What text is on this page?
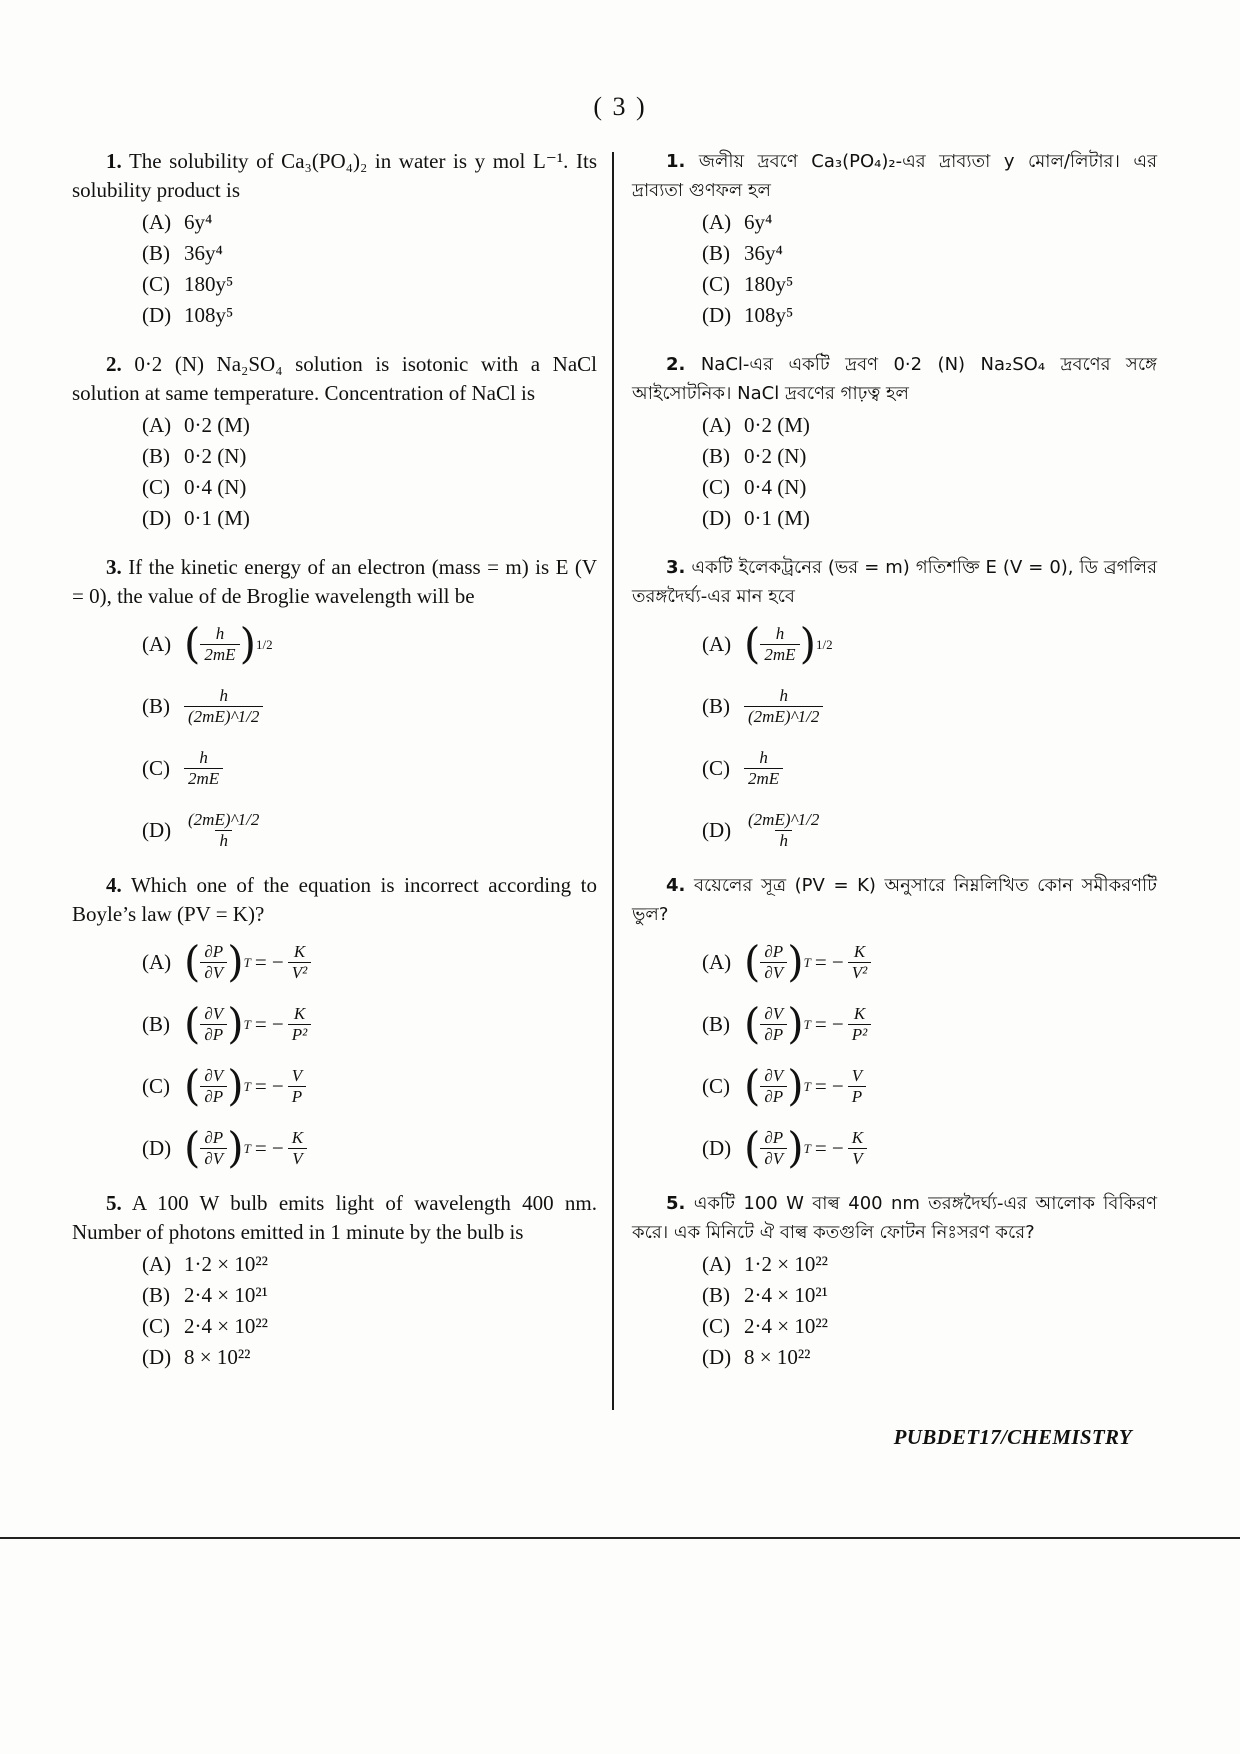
( 3 )

1. The solubility of Ca₃(PO₄)₂ in water is y mol L⁻¹. Its solubility product is

(A) 6y⁴
(B) 36y⁴
(C) 180y⁵
(D) 108y⁵

2. 0·2 (N) Na₂SO₄ solution is isotonic with a NaCl solution at same temperature. Concentration of NaCl is

(A) 0·2 (M)
(B) 0·2 (N)
(C) 0·4 (N)
(D) 0·1 (M)

3. If the kinetic energy of an electron (mass = m) is E (V = 0), the value of de Broglie wavelength will be

(A) ( $\frac{h}{2mE}$ ) 1/2
$(B) \frac{h}{(2mE)\^{}1/2}$
$(C) \frac{h}{2mE}$
$(D) \frac{(2mE)\^{}1/2}{h}$

4. Which one of the equation is incorrect according to Boyle’s law (PV = K)?

(A) ( $\frac{\partial P}{\partial V}$ ) T = − $\frac{K}{\text{V²}}$
(B) ( $\frac{\partial V}{\partial P}$ ) T = − $\frac{K}{\text{P²}}$
(C) ( $\frac{\partial V}{\partial P}$ ) T = − $\frac{V}{P}$
(D) ( $\frac{\partial P}{\partial V}$ ) T = − $\frac{K}{V}$

5. A 100 W bulb emits light of wavelength 400 nm. Number of photons emitted in 1 minute by the bulb is

(A) 1·2 × 10²²
(B) 2·4 × 10²¹
(C) 2·4 × 10²²
(D) 8 × 10²²

1. জলীয় দ্রবণে Ca₃(PO₄)₂-এর দ্রাব্যতা y মোল/লিটার। এর দ্রাব্যতা গুণফল হল

(A) 6y⁴
(B) 36y⁴
(C) 180y⁵
(D) 108y⁵

2. NaCl-এর একটি দ্রবণ 0·2 (N) Na₂SO₄ দ্রবণের সঙ্গে আইসোটনিক। NaCl দ্রবণের গাঢ়ত্ব হল

(A) 0·2 (M)
(B) 0·2 (N)
(C) 0·4 (N)
(D) 0·1 (M)

3. একটি ইলেকট্রনের (ভর = m) গতিশক্তি E (V = 0), ডি ব্রগলির তরঙ্গদৈর্ঘ্য-এর মান হবে

(A) ( $\frac{h}{2mE}$ ) 1/2
$(B) \frac{h}{(2mE)\^{}1/2}$
$(C) \frac{h}{2mE}$
$(D) \frac{(2mE)\^{}1/2}{h}$

4. বয়েলের সূত্র (PV = K) অনুসারে নিম্নলিখিত কোন সমীকরণটি ভুল?

(A) ( $\frac{\partial P}{\partial V}$ ) T = − $\frac{K}{\text{V²}}$
(B) ( $\frac{\partial V}{\partial P}$ ) T = − $\frac{K}{\text{P²}}$
(C) ( $\frac{\partial V}{\partial P}$ ) T = − $\frac{V}{P}$
(D) ( $\frac{\partial P}{\partial V}$ ) T = − $\frac{K}{V}$

5. একটি 100 W বাল্ব 400 nm তরঙ্গদৈর্ঘ্য-এর আলোক বিকিরণ করে। এক মিনিটে ঐ বাল্ব কতগুলি ফোটন নিঃসরণ করে?

(A) 1·2 × 10²²
(B) 2·4 × 10²¹
(C) 2·4 × 10²²
(D) 8 × 10²²
PUBDET17/CHEMISTRY
